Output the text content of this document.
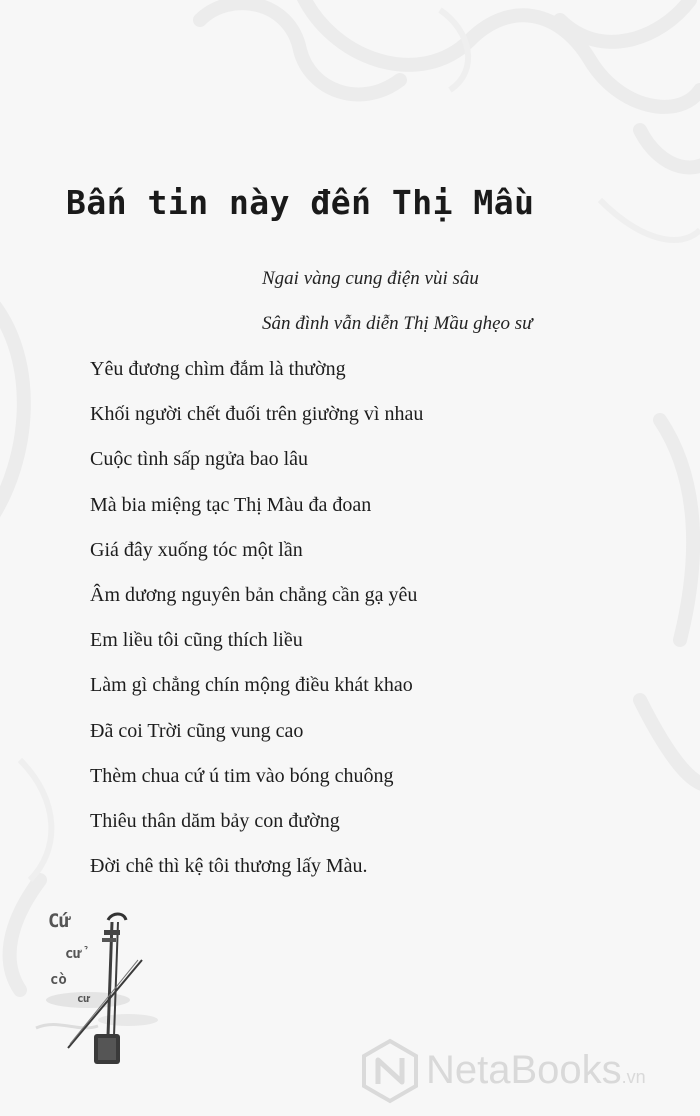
Bấn tin này đến Thị Mầu
Ngai vàng cung điện vùi sâu
Sân đình vẫn diễn Thị Mầu ghẹo sư
Yêu đương chìm đắm là thường
Khối người chết đuối trên giường vì nhau
Cuộc tình sấp ngửa bao lâu
Mà bia miệng tạc Thị Màu đa đoan
Giá đây xuống tóc một lần
Âm dương nguyên bản chẳng cần gạ yêu
Em liều tôi cũng thích liều
Làm gì chẳng chín mộng điều khát khao
Đã coi Trời cũng vung cao
Thèm chua cứ ú tim vào bóng chuông
Thiêu thân dăm bảy con đường
Đời chê thì kệ tôi thương lấy Màu.
Cứ
cử
cò
cư
NetaBooks.vn
